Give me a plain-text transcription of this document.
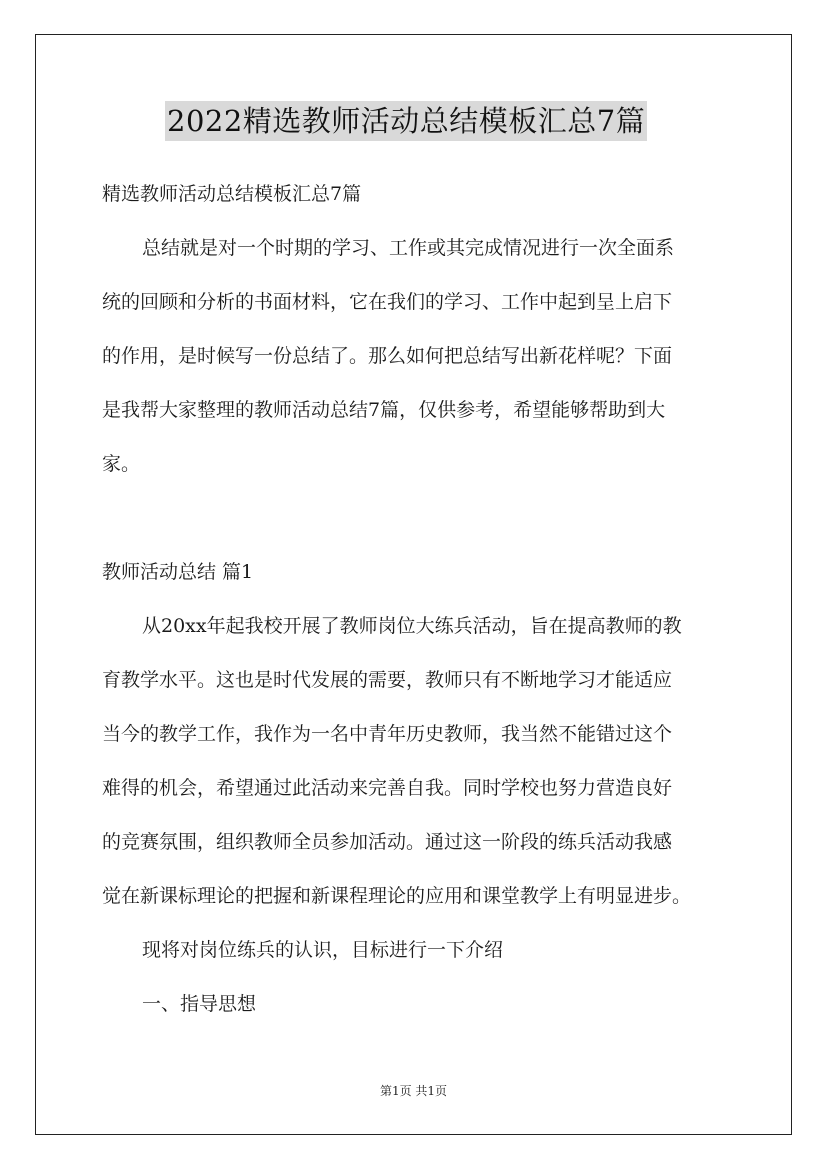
2022精选教师活动总结模板汇总7篇
精选教师活动总结模板汇总7篇
总结就是对一个时期的学习、工作或其完成情况进行一次全面系
统的回顾和分析的书面材料，它在我们的学习、工作中起到呈上启下
的作用，是时候写一份总结了。那么如何把总结写出新花样呢？下面
是我帮大家整理的教师活动总结7篇，仅供参考，希望能够帮助到大
家。
教师活动总结 篇1
从20xx年起我校开展了教师岗位大练兵活动，旨在提高教师的教
育教学水平。这也是时代发展的需要，教师只有不断地学习才能适应
当今的教学工作，我作为一名中青年历史教师，我当然不能错过这个
难得的机会，希望通过此活动来完善自我。同时学校也努力营造良好
的竞赛氛围，组织教师全员参加活动。通过这一阶段的练兵活动我感
觉在新课标理论的把握和新课程理论的应用和课堂教学上有明显进步。
现将对岗位练兵的认识，目标进行一下介绍
一、指导思想
第1页 共1页
